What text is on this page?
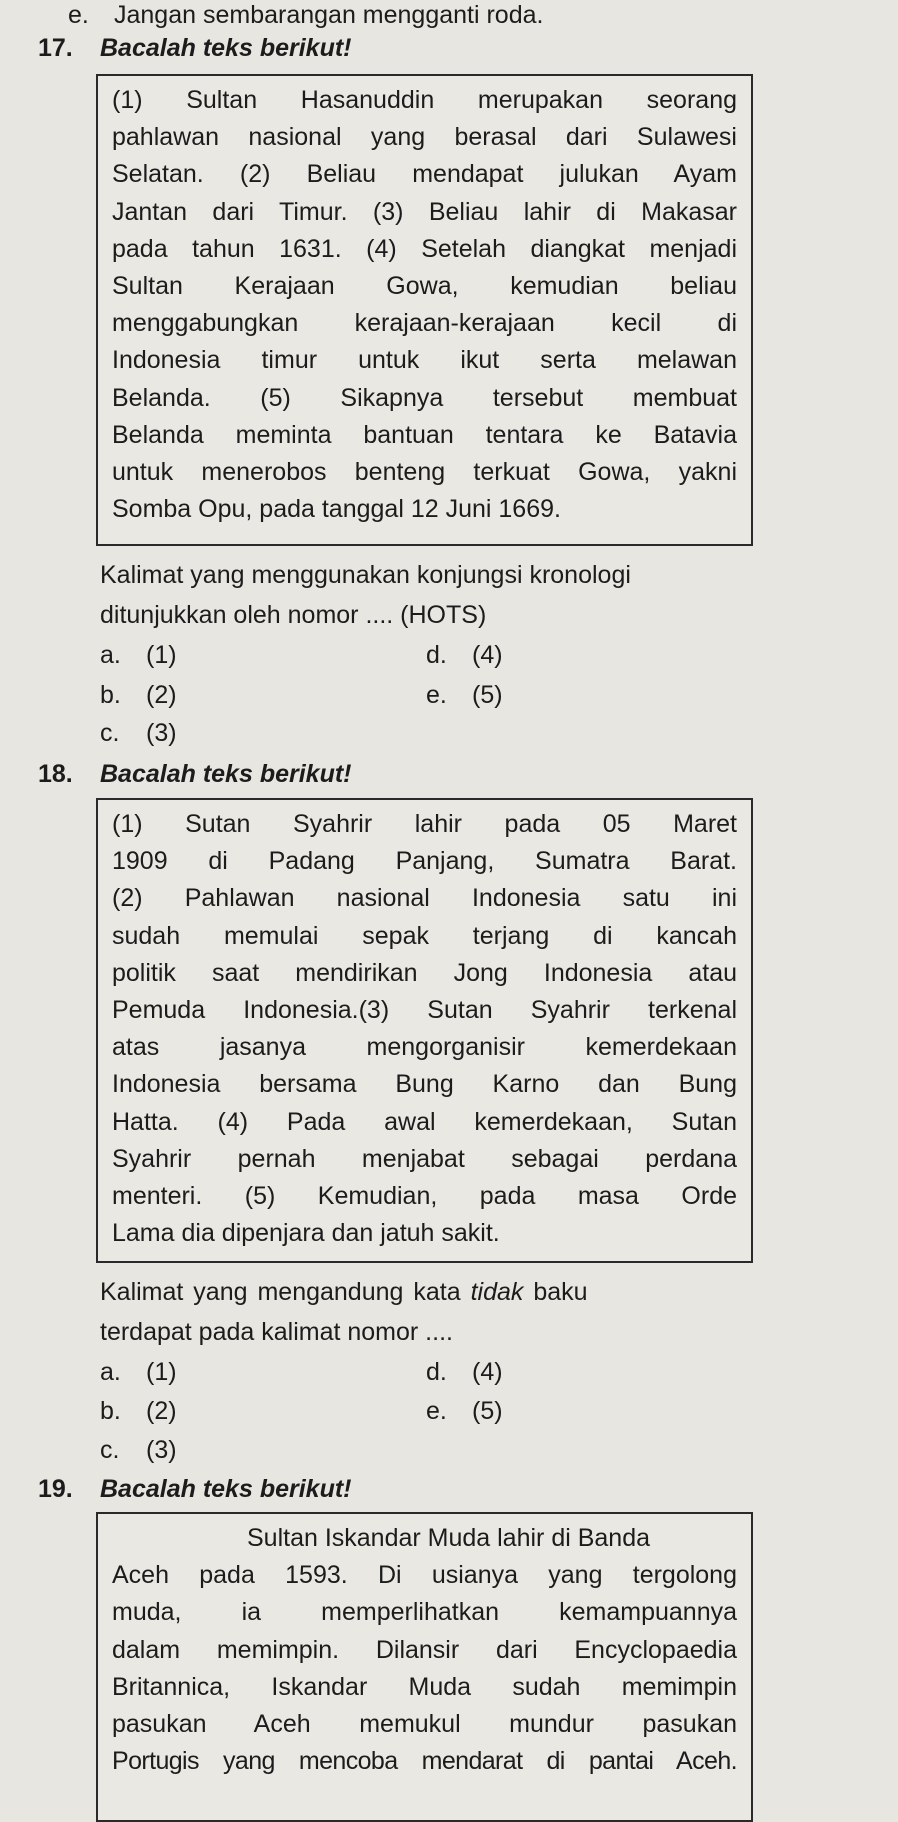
e. Jangan sembarangan mengganti roda.
17. Bacalah teks berikut!

(1) Sultan Hasanuddin merupakan seorang

pahlawan nasional yang berasal dari Sulawesi

Selatan. (2) Beliau mendapat julukan Ayam

Jantan dari Timur. (3) Beliau lahir di Makasar

pada tahun 1631. (4) Setelah diangkat menjadi

Sultan Kerajaan Gowa, kemudian beliau

menggabungkan kerajaan-kerajaan kecil di

Indonesia timur untuk ikut serta melawan

Belanda. (5) Sikapnya tersebut membuat

Belanda meminta bantuan tentara ke Batavia

untuk menerobos benteng terkuat Gowa, yakni

Somba Opu, pada tanggal 12 Juni 1669.

Kalimat yang menggunakan konjungsi kronologi
ditunjukkan oleh nomor .... (HOTS)
a. (1)
b. (2)
c. (3)
d. (4)
e. (5)
18. Bacalah teks berikut!

(1) Sutan Syahrir lahir pada 05 Maret

1909 di Padang Panjang, Sumatra Barat.

(2) Pahlawan nasional Indonesia satu ini

sudah memulai sepak terjang di kancah

politik saat mendirikan Jong Indonesia atau

Pemuda Indonesia.(3) Sutan Syahrir terkenal

atas jasanya mengorganisir kemerdekaan

Indonesia bersama Bung Karno dan Bung

Hatta. (4) Pada awal kemerdekaan, Sutan

Syahrir pernah menjabat sebagai perdana

menteri. (5) Kemudian, pada masa Orde

Lama dia dipenjara dan jatuh sakit.

Kalimat yang mengandung kata tidak baku
terdapat pada kalimat nomor ....
a. (1)
b. (2)
c. (3)
d. (4)
e. (5)
19. Bacalah teks berikut!

Sultan Iskandar Muda lahir di Banda

Aceh pada 1593. Di usianya yang tergolong

muda, ia memperlihatkan kemampuannya

dalam memimpin. Dilansir dari Encyclopaedia

Britannica, Iskandar Muda sudah memimpin

pasukan Aceh memukul mundur pasukan

Portugis yang mencoba mendarat di pantai Aceh.
